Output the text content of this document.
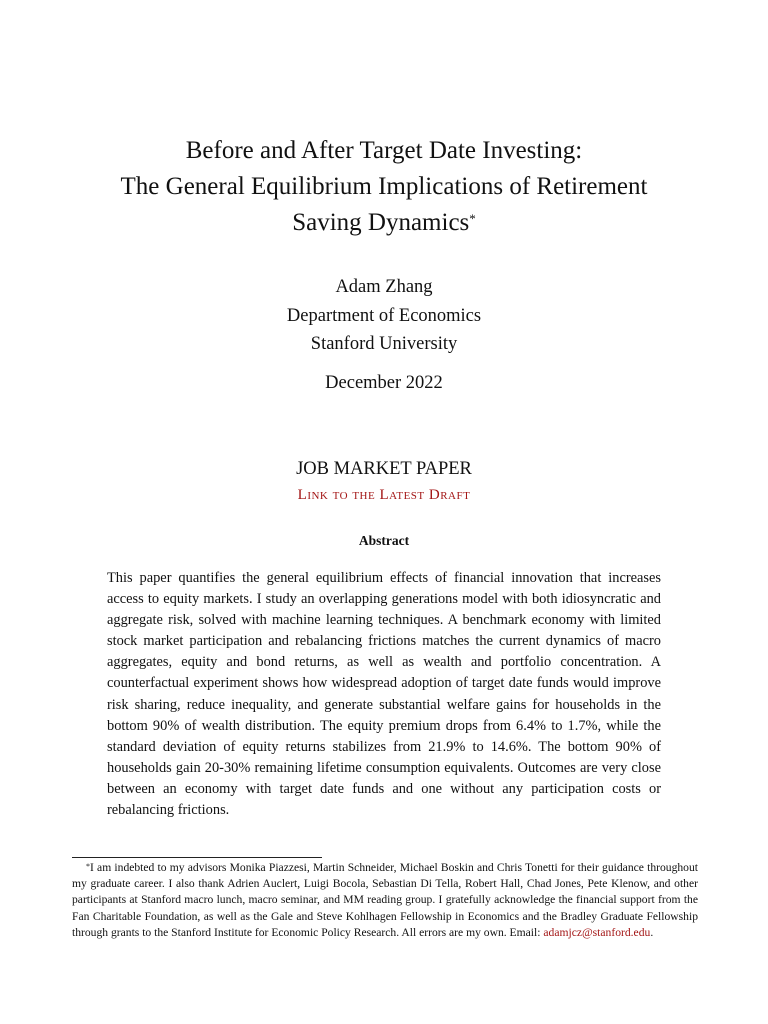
Before and After Target Date Investing:
The General Equilibrium Implications of Retirement
Saving Dynamics*
Adam Zhang
Department of Economics
Stanford University
December 2022
JOB MARKET PAPER
Link to the Latest Draft
Abstract
This paper quantifies the general equilibrium effects of financial innovation that increases access to equity markets. I study an overlapping generations model with both idiosyncratic and aggregate risk, solved with machine learning techniques. A benchmark economy with limited stock market participation and rebalancing frictions matches the current dynamics of macro aggregates, equity and bond returns, as well as wealth and portfolio concentration. A counterfactual experiment shows how widespread adoption of target date funds would improve risk sharing, reduce inequality, and generate substantial welfare gains for households in the bottom 90% of wealth distribution. The equity premium drops from 6.4% to 1.7%, while the standard deviation of equity returns stabilizes from 21.9% to 14.6%. The bottom 90% of households gain 20-30% remaining lifetime consumption equivalents. Outcomes are very close between an economy with target date funds and one without any participation costs or rebalancing frictions.
*I am indebted to my advisors Monika Piazzesi, Martin Schneider, Michael Boskin and Chris Tonetti for their guidance throughout my graduate career. I also thank Adrien Auclert, Luigi Bocola, Sebastian Di Tella, Robert Hall, Chad Jones, Pete Klenow, and other participants at Stanford macro lunch, macro seminar, and MM reading group. I gratefully acknowledge the financial support from the Fan Charitable Foundation, as well as the Gale and Steve Kohlhagen Fellowship in Economics and the Bradley Graduate Fellowship through grants to the Stanford Institute for Economic Policy Research. All errors are my own. Email: adamjcz@stanford.edu.
